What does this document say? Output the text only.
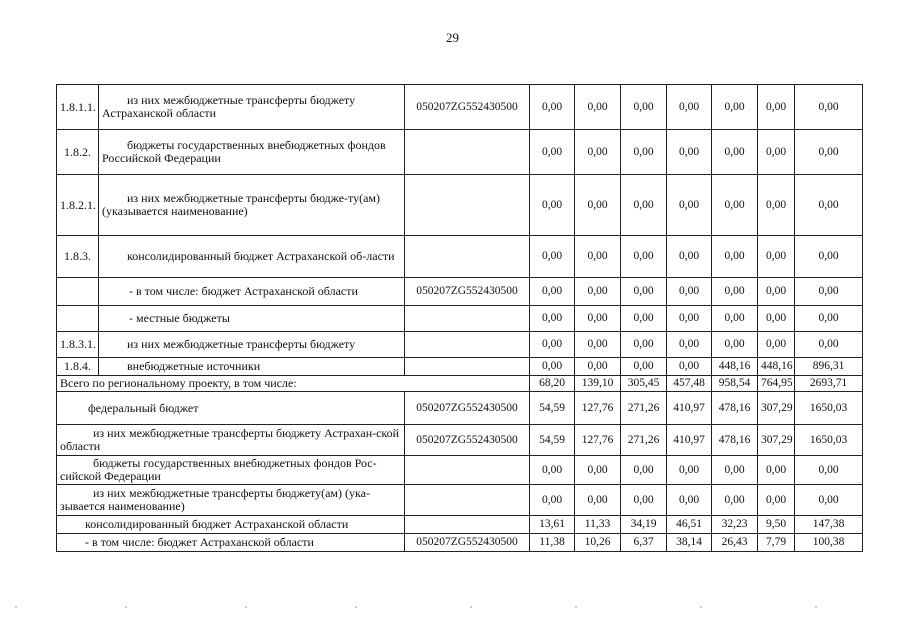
29
1.8.1.1.	из них межбюджетные трансферты бюджету Астраханской области	050207ZG552430500	0,00	0,00	0,00	0,00	0,00	0,00	0,00
1.8.2.	бюджеты государственных внебюджетных фондов Российской Федерации		0,00	0,00	0,00	0,00	0,00	0,00	0,00
1.8.2.1.	из них межбюджетные трансферты бюдже-ту(ам) (указывается наименование)		0,00	0,00	0,00	0,00	0,00	0,00	0,00
1.8.3.	консолидированный бюджет Астраханской об-ласти		0,00	0,00	0,00	0,00	0,00	0,00	0,00
	- в том числе: бюджет Астраханской области	050207ZG552430500	0,00	0,00	0,00	0,00	0,00	0,00	0,00
	- местные бюджеты		0,00	0,00	0,00	0,00	0,00	0,00	0,00
1.8.3.1.	из них межбюджетные трансферты бюджету		0,00	0,00	0,00	0,00	0,00	0,00	0,00
1.8.4.	внебюджетные источники		0,00	0,00	0,00	0,00	448,16	448,16	896,31
Всего по региональному проекту, в том числе:			68,20	139,10	305,45	457,48	958,54	764,95	2693,71
федеральный бюджет		050207ZG552430500	54,59	127,76	271,26	410,97	478,16	307,29	1650,03
из них межбюджетные трансферты бюджету Астрахан-ской области		050207ZG552430500	54,59	127,76	271,26	410,97	478,16	307,29	1650,03
бюджеты государственных внебюджетных фондов Рос-сийской Федерации			0,00	0,00	0,00	0,00	0,00	0,00	0,00
из них межбюджетные трансферты бюджету(ам) (ука-зывается наименование)			0,00	0,00	0,00	0,00	0,00	0,00	0,00
консолидированный бюджет Астраханской области			13,61	11,33	34,19	46,51	32,23	9,50	147,38
- в том числе: бюджет Астраханской области		050207ZG552430500	11,38	10,26	6,37	38,14	26,43	7,79	100,38
